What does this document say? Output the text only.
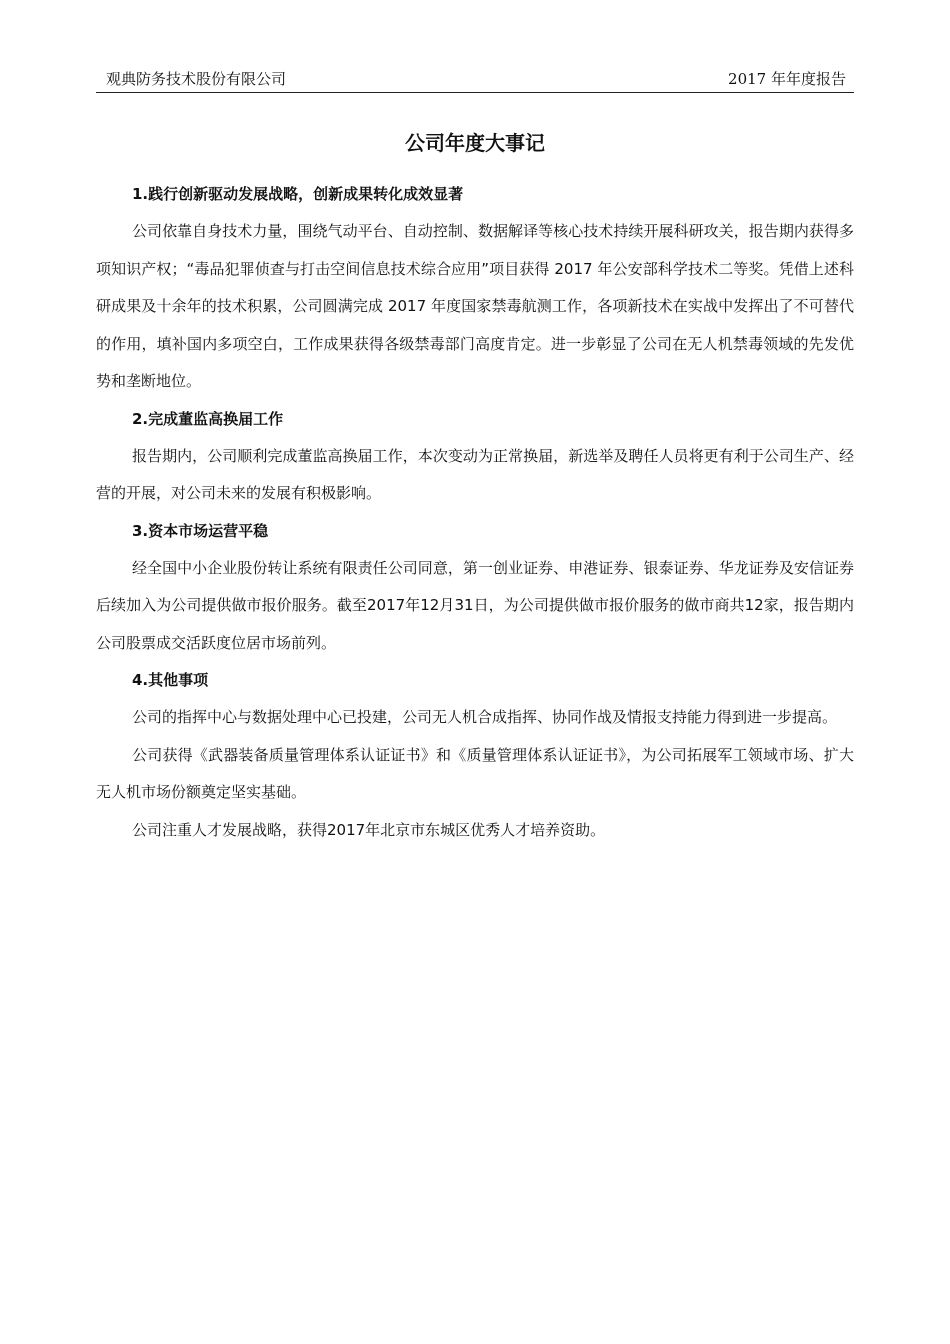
观典防务技术股份有限公司	2017 年年度报告
公司年度大事记

1.践行创新驱动发展战略，创新成果转化成效显著

公司依靠自身技术力量，围绕气动平台、自动控制、数据解译等核心技术持续开展科研攻关，报告期内获得多项知识产权；“毒品犯罪侦查与打击空间信息技术综合应用”项目获得 2017 年公安部科学技术二等奖。凭借上述科研成果及十余年的技术积累，公司圆满完成 2017 年度国家禁毒航测工作，各项新技术在实战中发挥出了不可替代的作用，填补国内多项空白，工作成果获得各级禁毒部门高度肯定。进一步彰显了公司在无人机禁毒领域的先发优势和垄断地位。

2.完成董监高换届工作

报告期内，公司顺利完成董监高换届工作，本次变动为正常换届，新选举及聘任人员将更有利于公司生产、经营的开展，对公司未来的发展有积极影响。

3.资本市场运营平稳

经全国中小企业股份转让系统有限责任公司同意，第一创业证券、申港证券、银泰证券、华龙证券及安信证券后续加入为公司提供做市报价服务。截至2017年12月31日，为公司提供做市报价服务的做市商共12家，报告期内公司股票成交活跃度位居市场前列。

4.其他事项

公司的指挥中心与数据处理中心已投建，公司无人机合成指挥、协同作战及情报支持能力得到进一步提高。

公司获得《武器装备质量管理体系认证证书》和《质量管理体系认证证书》，为公司拓展军工领域市场、扩大无人机市场份额奠定坚实基础。

公司注重人才发展战略，获得2017年北京市东城区优秀人才培养资助。
